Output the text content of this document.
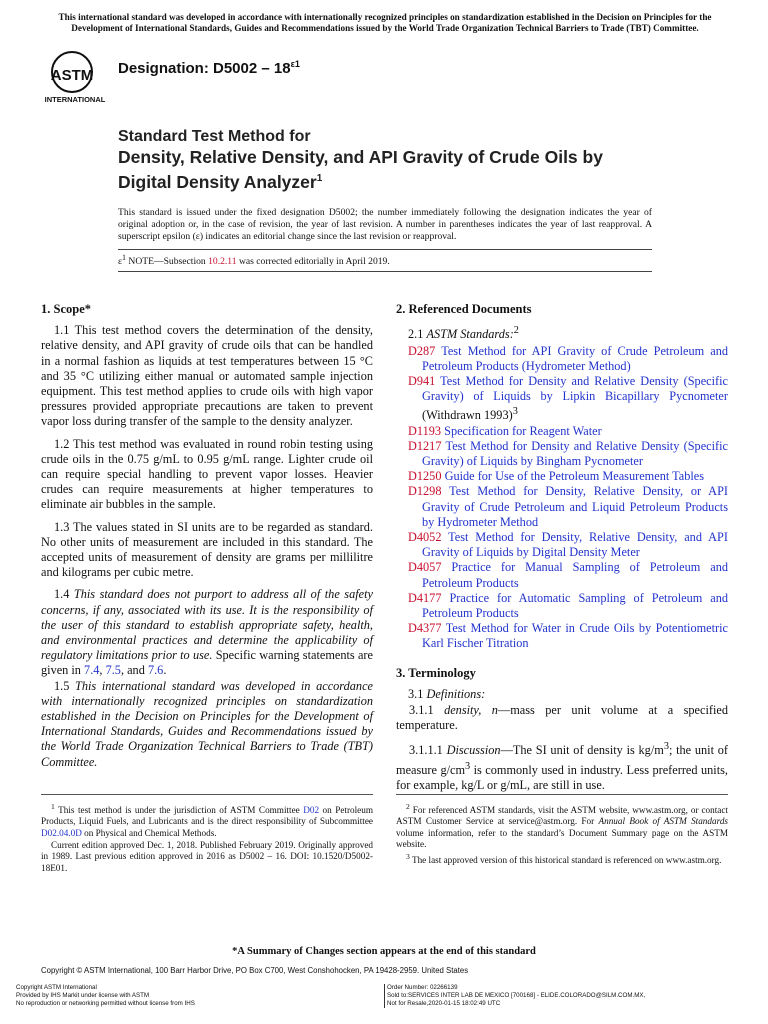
This international standard was developed in accordance with internationally recognized principles on standardization established in the Decision on Principles for the Development of International Standards, Guides and Recommendations issued by the World Trade Organization Technical Barriers to Trade (TBT) Committee.
ASTM
INTERNATIONAL
Designation: $D5002 - 18^{\varepsilon 1}$
Standard Test Method for
Density, Relative Density, and API Gravity of Crude Oils by
Digital Density Analyzer$^1$
This standard is issued under the fixed designation D5002; the number immediately following the designation indicates the year of original adoption or, in the case of revision, the year of last revision. A number in parentheses indicates the year of last reapproval. A superscript epsilon (ε) indicates an editorial change since the last revision or reapproval.
$\varepsilon^1$ NOTE—Subsection 10.2.11 was corrected editorially in April 2019.
1. Scope*

1.1 This test method covers the determination of the density, relative density, and API gravity of crude oils that can be handled in a normal fashion as liquids at test temperatures between 15 °C and 35 °C utilizing either manual or automated sample injection equipment. This test method applies to crude oils with high vapor pressures provided appropriate precautions are taken to prevent vapor loss during transfer of the sample to the density analyzer.

1.2 This test method was evaluated in round robin testing using crude oils in the 0.75 g/mL to 0.95 g/mL range. Lighter crude oil can require special handling to prevent vapor losses. Heavier crudes can require measurements at higher temperatures to eliminate air bubbles in the sample.

1.3 The values stated in SI units are to be regarded as standard. No other units of measurement are included in this standard. The accepted units of measurement of density are grams per millilitre and kilograms per cubic metre.

1.4 This standard does not purport to address all of the safety concerns, if any, associated with its use. It is the responsibility of the user of this standard to establish appropriate safety, health, and environmental practices and determine the applicability of regulatory limitations prior to use. Specific warning statements are given in 7.4, 7.5, and 7.6.

1.5 This international standard was developed in accordance with internationally recognized principles on standardization established in the Decision on Principles for the Development of International Standards, Guides and Recommendations issued by the World Trade Organization Technical Barriers to Trade (TBT) Committee.

2. Referenced Documents

2.1 ASTM Standards:$^2$

D287 Test Method for API Gravity of Crude Petroleum and Petroleum Products (Hydrometer Method)

D941 Test Method for Density and Relative Density (Specific Gravity) of Liquids by Lipkin Bicapillary Pycnometer (Withdrawn 1993)$^3$

D1193 Specification for Reagent Water

D1217 Test Method for Density and Relative Density (Specific Gravity) of Liquids by Bingham Pycnometer

D1250 Guide for Use of the Petroleum Measurement Tables

D1298 Test Method for Density, Relative Density, or API Gravity of Crude Petroleum and Liquid Petroleum Products by Hydrometer Method

D4052 Test Method for Density, Relative Density, and API Gravity of Liquids by Digital Density Meter

D4057 Practice for Manual Sampling of Petroleum and Petroleum Products

D4177 Practice for Automatic Sampling of Petroleum and Petroleum Products

D4377 Test Method for Water in Crude Oils by Potentiometric Karl Fischer Titration

3. Terminology

3.1 Definitions:

3.1.1 density, n—mass per unit volume at a specified temperature.

3.1.1.1 Discussion—The SI unit of density is $kg/m^3$; the unit of measure $g/cm^3$ is commonly used in industry. Less preferred units, for example, kg/L or g/mL, are still in use.

$^1$ This test method is under the jurisdiction of ASTM Committee D02 on Petroleum Products, Liquid Fuels, and Lubricants and is the direct responsibility of Subcommittee D02.04.0D on Physical and Chemical Methods.

Current edition approved Dec. 1, 2018. Published February 2019. Originally approved in 1989. Last previous edition approved in 2016 as D5002 – 16. DOI: 10.1520/D5002-18E01.

$^2$ For referenced ASTM standards, visit the ASTM website, www.astm.org, or contact ASTM Customer Service at service@astm.org. For Annual Book of ASTM Standards volume information, refer to the standard’s Document Summary page on the ASTM website.

$^3$ The last approved version of this historical standard is referenced on www.astm.org.

*A Summary of Changes section appears at the end of this standard
Copyright © ASTM International, 100 Barr Harbor Drive, PO Box C700, West Conshohocken, PA 19428-2959. United States
Copyright ASTM International
Provided by IHS Markit under license with ASTM
No reproduction or networking permitted without license from IHS
Order Number: 02266139
Sold to:SERVICES INTER LAB DE MEXICO [700168] - ELIDE.COLORADO@SILM.COM.MX,
Not for Resale,2020-01-15 18:02:49 UTC
